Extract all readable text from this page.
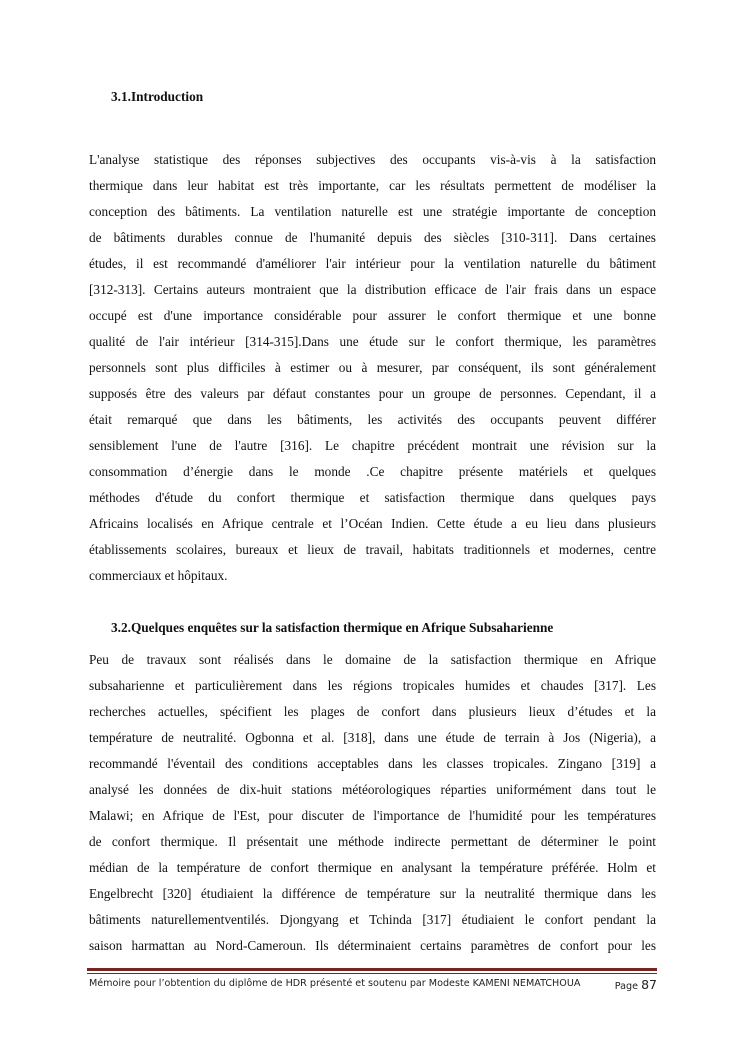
3.1.Introduction

L'analyse statistique des réponses subjectives des occupants vis-à-vis à la satisfaction
thermique dans leur habitat est très importante, car les résultats permettent de modéliser la
conception des bâtiments. La ventilation naturelle est une stratégie importante de conception
de bâtiments durables connue de l'humanité depuis des siècles [310-311]. Dans certaines
études, il est recommandé d'améliorer l'air intérieur pour la ventilation naturelle du bâtiment
[312-313]. Certains auteurs montraient que la distribution efficace de l'air frais dans un espace
occupé est d'une importance considérable pour assurer le confort thermique et une bonne
qualité de l'air intérieur [314-315].Dans une étude sur le confort thermique, les paramètres
personnels sont plus difficiles à estimer ou à mesurer, par conséquent, ils sont généralement
supposés être des valeurs par défaut constantes pour un groupe de personnes. Cependant, il a
était remarqué que dans les bâtiments, les activités des occupants peuvent différer
sensiblement l'une de l'autre [316]. Le chapitre précédent montrait une révision sur la
consommation d’énergie dans le monde .Ce chapitre présente matériels et quelques
méthodes d'étude du confort thermique et satisfaction thermique dans quelques pays
Africains localisés en Afrique centrale et l’Océan Indien. Cette étude a eu lieu dans plusieurs
établissements scolaires, bureaux et lieux de travail, habitats traditionnels et modernes, centre
commerciaux et hôpitaux.

3.2.Quelques enquêtes sur la satisfaction thermique en Afrique Subsaharienne

Peu de travaux sont réalisés dans le domaine de la satisfaction thermique en Afrique
subsaharienne et particulièrement dans les régions tropicales humides et chaudes [317]. Les
recherches actuelles, spécifient les plages de confort dans plusieurs lieux d’études et la
température de neutralité. Ogbonna et al. [318], dans une étude de terrain à Jos (Nigeria), a
recommandé l'éventail des conditions acceptables dans les classes tropicales. Zingano [319] a
analysé les données de dix-huit stations météorologiques réparties uniformément dans tout le
Malawi; en Afrique de l'Est, pour discuter de l'importance de l'humidité pour les températures
de confort thermique. Il présentait une méthode indirecte permettant de déterminer le point
médian de la température de confort thermique en analysant la température préférée. Holm et
Engelbrecht [320] étudiaient la différence de température sur la neutralité thermique dans les
bâtiments naturellementventilés. Djongyang et Tchinda [317] étudiaient le confort pendant la
saison harmattan au Nord-Cameroun. Ils déterminaient certains paramètres de confort pour les

Mémoire pour l’obtention du diplôme de HDR présenté et soutenu par Modeste KAMENI NEMATCHOUA	Page 87
